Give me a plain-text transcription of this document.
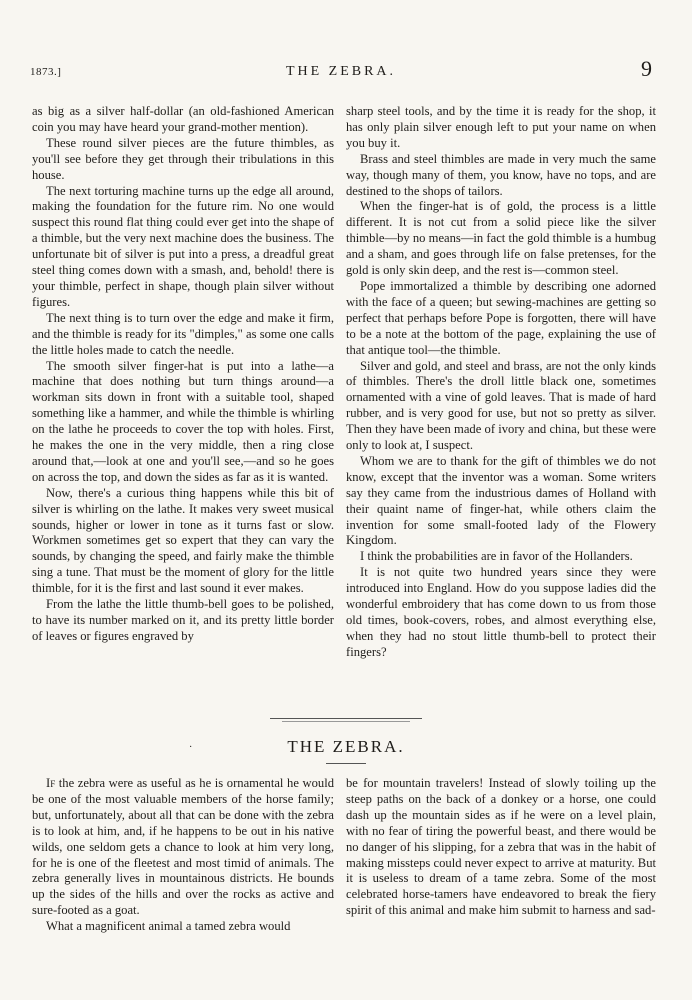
1873.]	THE ZEBRA.	9

as big as a silver half-dollar (an old-fashioned American coin you may have heard your grand-mother mention).

These round silver pieces are the future thimbles, as you'll see before they get through their tribulations in this house.

The next torturing machine turns up the edge all around, making the foundation for the future rim. No one would suspect this round flat thing could ever get into the shape of a thimble, but the very next machine does the business. The unfortunate bit of silver is put into a press, a dreadful great steel thing comes down with a smash, and, behold! there is your thimble, perfect in shape, though plain silver without figures.

The next thing is to turn over the edge and make it firm, and the thimble is ready for its "dimples," as some one calls the little holes made to catch the needle.

The smooth silver finger-hat is put into a lathe—a machine that does nothing but turn things around—a workman sits down in front with a suitable tool, shaped something like a hammer, and while the thimble is whirling on the lathe he proceeds to cover the top with holes. First, he makes the one in the very middle, then a ring close around that,—look at one and you'll see,—and so he goes on across the top, and down the sides as far as it is wanted.

Now, there's a curious thing happens while this bit of silver is whirling on the lathe. It makes very sweet musical sounds, higher or lower in tone as it turns fast or slow. Workmen sometimes get so expert that they can vary the sounds, by changing the speed, and fairly make the thimble sing a tune. That must be the moment of glory for the little thimble, for it is the first and last sound it ever makes.

From the lathe the little thumb-bell goes to be polished, to have its number marked on it, and its pretty little border of leaves or figures engraved by

sharp steel tools, and by the time it is ready for the shop, it has only plain silver enough left to put your name on when you buy it.

Brass and steel thimbles are made in very much the same way, though many of them, you know, have no tops, and are destined to the shops of tailors.

When the finger-hat is of gold, the process is a little different. It is not cut from a solid piece like the silver thimble—by no means—in fact the gold thimble is a humbug and a sham, and goes through life on false pretenses, for the gold is only skin deep, and the rest is—common steel.

Pope immortalized a thimble by describing one adorned with the face of a queen; but sewing-machines are getting so perfect that perhaps before Pope is forgotten, there will have to be a note at the bottom of the page, explaining the use of that antique tool—the thimble.

Silver and gold, and steel and brass, are not the only kinds of thimbles. There's the droll little black one, sometimes ornamented with a vine of gold leaves. That is made of hard rubber, and is very good for use, but not so pretty as silver. Then they have been made of ivory and china, but these were only to look at, I suspect.

Whom we are to thank for the gift of thimbles we do not know, except that the inventor was a woman. Some writers say they came from the industrious dames of Holland with their quaint name of finger-hat, while others claim the invention for some small-footed lady of the Flowery Kingdom.

I think the probabilities are in favor of the Hollanders.

It is not quite two hundred years since they were introduced into England. How do you suppose ladies did the wonderful embroidery that has come down to us from those old times, book-covers, robes, and almost everything else, when they had no stout little thumb-bell to protect their fingers?

·	THE ZEBRA.

If the zebra were as useful as he is ornamental he would be one of the most valuable members of the horse family; but, unfortunately, about all that can be done with the zebra is to look at him, and, if he happens to be out in his native wilds, one seldom gets a chance to look at him very long, for he is one of the fleetest and most timid of animals. The zebra generally lives in mountainous districts. He bounds up the sides of the hills and over the rocks as active and sure-footed as a goat.

What a magnificent animal a tamed zebra would

be for mountain travelers! Instead of slowly toiling up the steep paths on the back of a donkey or a horse, one could dash up the mountain sides as if he were on a level plain, with no fear of tiring the powerful beast, and there would be no danger of his slipping, for a zebra that was in the habit of making missteps could never expect to arrive at maturity. But it is useless to dream of a tame zebra. Some of the most celebrated horse-tamers have endeavored to break the fiery spirit of this animal and make him submit to harness and sad-
